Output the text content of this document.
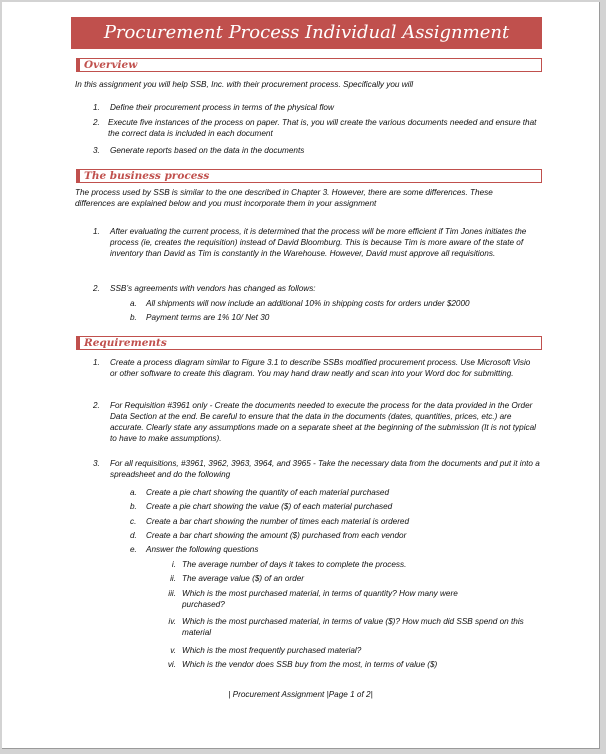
Procurement Process Individual Assignment
Overview
In this assignment you will help SSB, Inc. with their procurement process. Specifically you will
1. Define their procurement process in terms of the physical flow
2. Execute five instances of the process on paper. That is, you will create the various documents needed and ensure that the correct data is included in each document
3. Generate reports based on the data in the documents
The business process
The process used by SSB is similar to the one described in Chapter 3. However, there are some differences. These differences are explained below and you must incorporate them in your assignment
1. After evaluating the current process, it is determined that the process will be more efficient if Tim Jones initiates the process (ie, creates the requisition) instead of David Bloomburg. This is because Tim is more aware of the state of inventory than David as Tim is constantly in the Warehouse. However, David must approve all requisitions.
2. SSB’s agreements with vendors has changed as follows:
a. All shipments will now include an additional 10% in shipping costs for orders under $2000
b. Payment terms are 1% 10/ Net 30
Requirements
1. Create a process diagram similar to Figure 3.1 to describe SSBs modified procurement process. Use Microsoft Visio or other software to create this diagram. You may hand draw neatly and scan into your Word doc for submitting.
2. For Requisition #3961 only - Create the documents needed to execute the process for the data provided in the Order Data Section at the end. Be careful to ensure that the data in the documents (dates, quantities, prices, etc.) are accurate. Clearly state any assumptions made on a separate sheet at the beginning of the submission (It is not typical to have to make assumptions).
3. For all requisitions, #3961, 3962, 3963, 3964, and 3965 - Take the necessary data from the documents and put it into a spreadsheet and do the following
a. Create a pie chart showing the quantity of each material purchased
b. Create a pie chart showing the value ($) of each material purchased
c. Create a bar chart showing the number of times each material is ordered
d. Create a bar chart showing the amount ($) purchased from each vendor
e. Answer the following questions
i. The average number of days it takes to complete the process.
ii. The average value ($) of an order
iii. Which is the most purchased material, in terms of quantity? How many were purchased?
iv. Which is the most purchased material, in terms of value ($)? How much did SSB spend on this material
v. Which is the most frequently purchased material?
vi. Which is the vendor does SSB buy from the most, in terms of value ($)
| Procurement Assignment |Page 1 of 2|
